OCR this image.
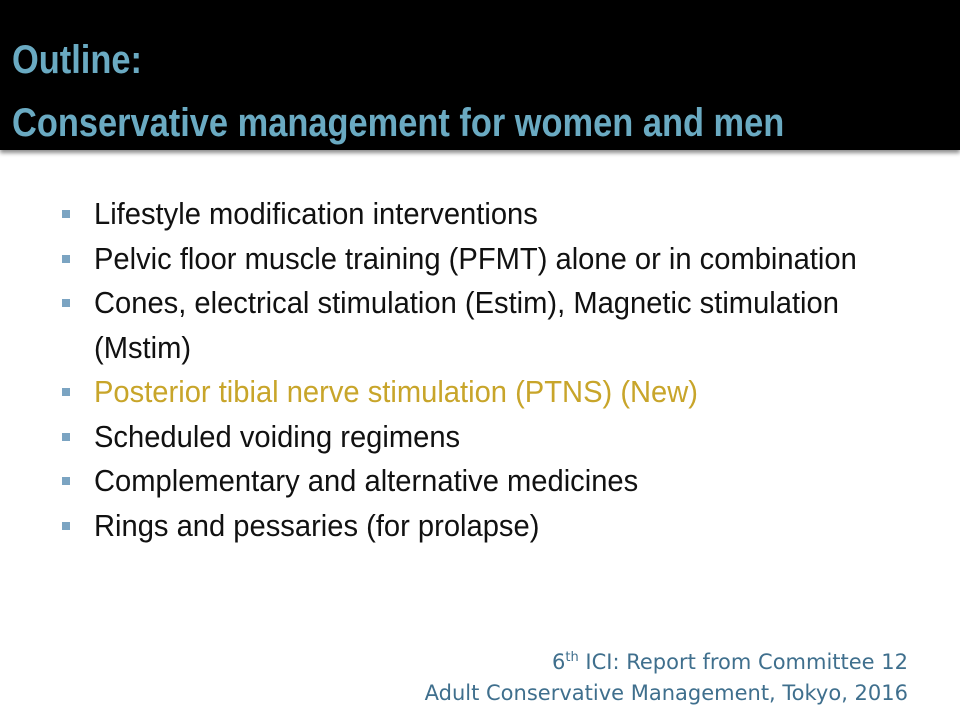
Outline:
Conservative management for women and men
Lifestyle modification interventions
Pelvic floor muscle training (PFMT) alone or in combination
Cones, electrical stimulation (Estim), Magnetic stimulation
(Mstim)
Posterior tibial nerve stimulation (PTNS) (New)
Scheduled voiding regimens
Complementary and alternative medicines
Rings and pessaries (for prolapse)
6th ICI: Report from Committee 12
Adult Conservative Management, Tokyo, 2016
